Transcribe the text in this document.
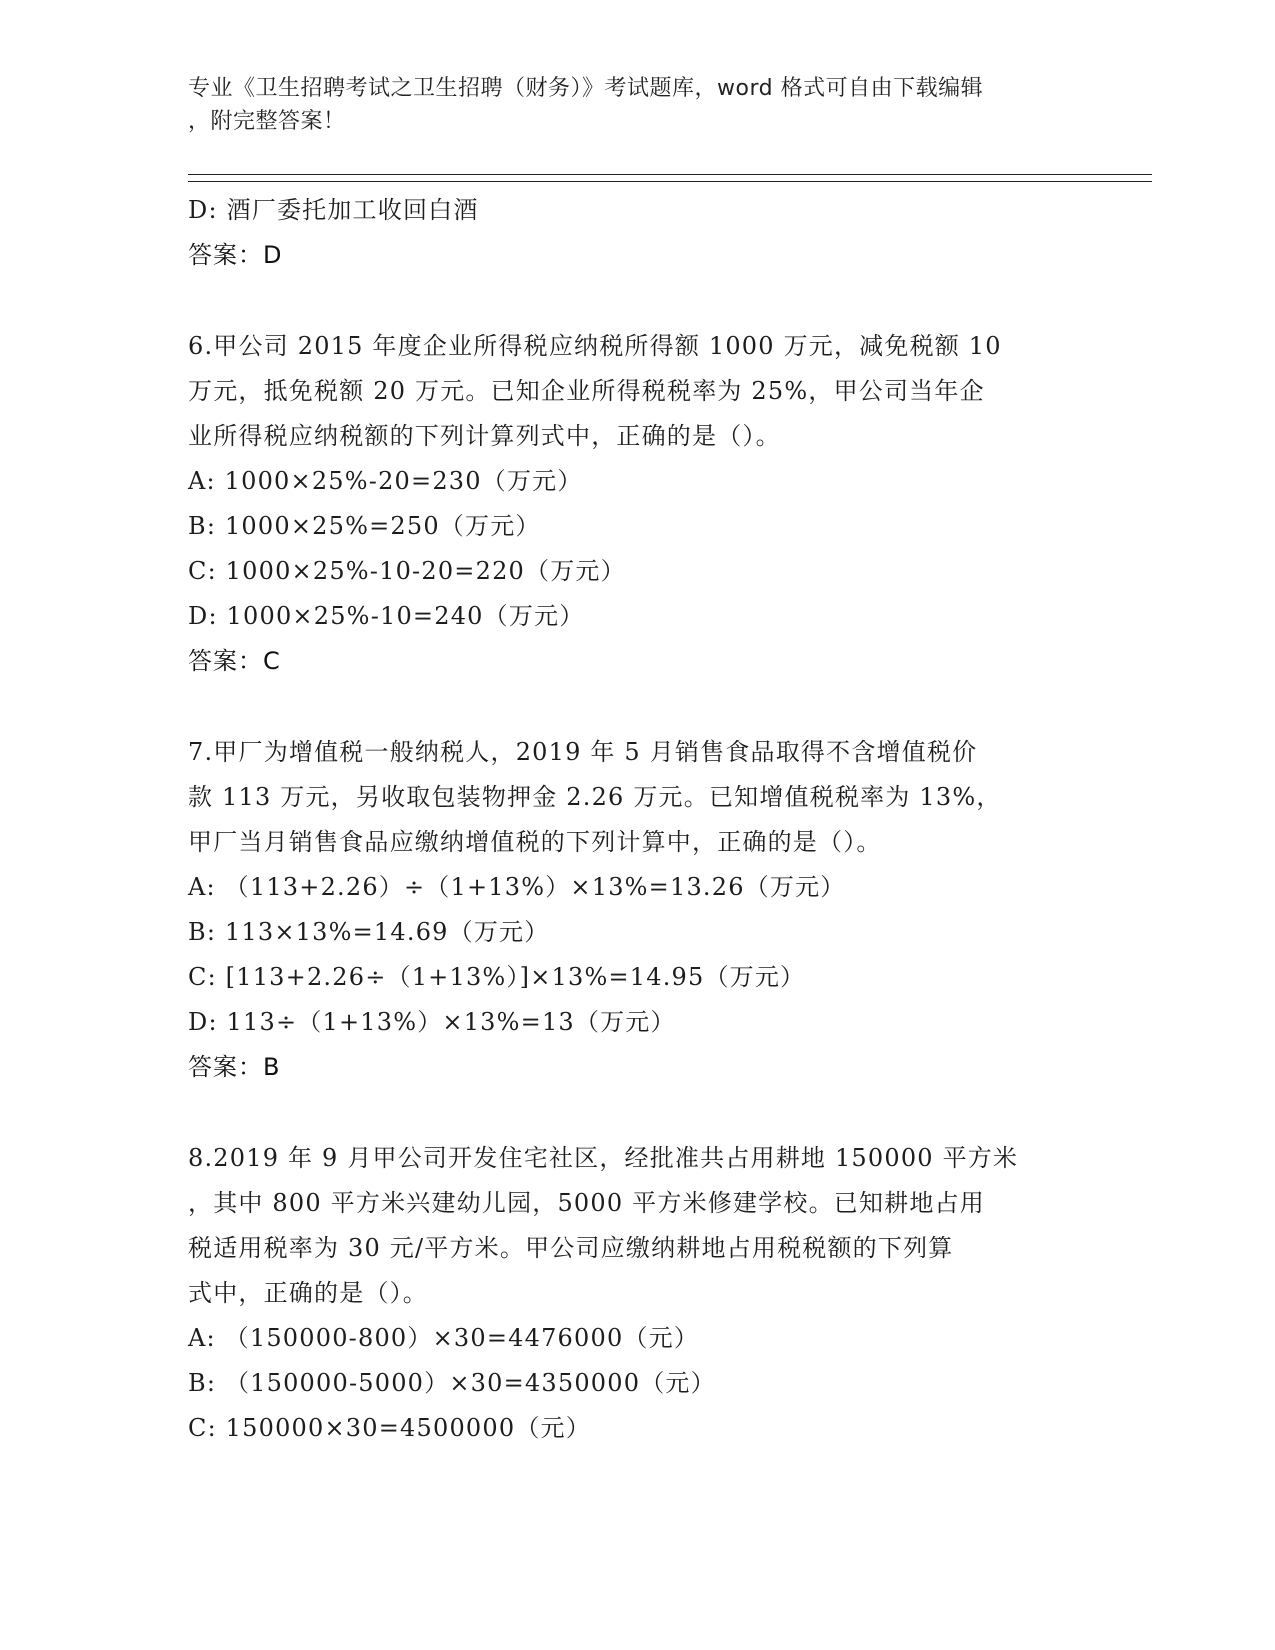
专业《卫生招聘考试之卫生招聘（财务）》考试题库，word 格式可自由下载编辑
，附完整答案！
D: 酒厂委托加工收回白酒
答案：D
6.甲公司 2015 年度企业所得税应纳税所得额 1000 万元，减免税额 10
万元，抵免税额 20 万元。已知企业所得税税率为 25%，甲公司当年企
业所得税应纳税额的下列计算列式中，正确的是（）。
A: 1000×25%-20=230（万元）
B: 1000×25%=250（万元）
C: 1000×25%-10-20=220（万元）
D: 1000×25%-10=240（万元）
答案：C
7.甲厂为增值税一般纳税人，2019 年 5 月销售食品取得不含增值税价
款 113 万元，另收取包装物押金 2.26 万元。已知增值税税率为 13%，
甲厂当月销售食品应缴纳增值税的下列计算中，正确的是（）。
A: （113+2.26）÷（1+13%）×13%=13.26（万元）
B: 113×13%=14.69（万元）
C: [113+2.26÷（1+13%）]×13%=14.95（万元）
D: 113÷（1+13%）×13%=13（万元）
答案：B
8.2019 年 9 月甲公司开发住宅社区，经批准共占用耕地 150000 平方米
，其中 800 平方米兴建幼儿园，5000 平方米修建学校。已知耕地占用
税适用税率为 30 元/平方米。甲公司应缴纳耕地占用税税额的下列算
式中，正确的是（）。
A: （150000-800）×30=4476000（元）
B: （150000-5000）×30=4350000（元）
C: 150000×30=4500000（元）
